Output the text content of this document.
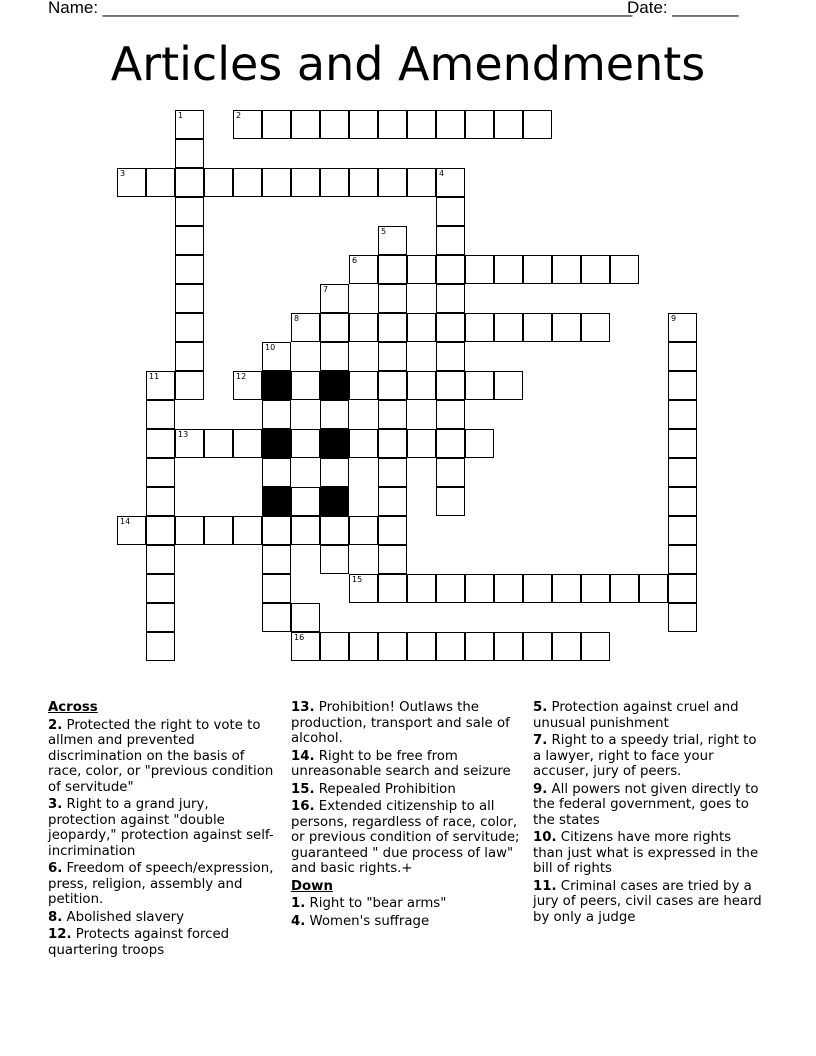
Name: ________________________________________________________
Date: _______
Articles and Amendments
1	2
3	4
5
6
7
8	9
10
11	12
13
14
15
16
Across
2. Protected the right to vote to allmen and prevented discrimination on the basis of race, color, or "previous condition of servitude"
3. Right to a grand jury, protection against "double jeopardy," protection against self-incrimination
6. Freedom of speech/expression, press, religion, assembly and petition.
8. Abolished slavery
12. Protects against forced quartering troops
13. Prohibition! Outlaws the production, transport and sale of alcohol.
14. Right to be free from unreasonable search and seizure
15. Repealed Prohibition
16. Extended citizenship to all persons, regardless of race, color, or previous condition of servitude; guaranteed " due process of law" and basic rights.+
Down
1. Right to "bear arms"
4. Women's suffrage
5. Protection against cruel and unusual punishment
7. Right to a speedy trial, right to a lawyer, right to face your accuser, jury of peers.
9. All powers not given directly to the federal government, goes to the states
10. Citizens have more rights than just what is expressed in the bill of rights
11. Criminal cases are tried by a jury of peers, civil cases are heard by only a judge
